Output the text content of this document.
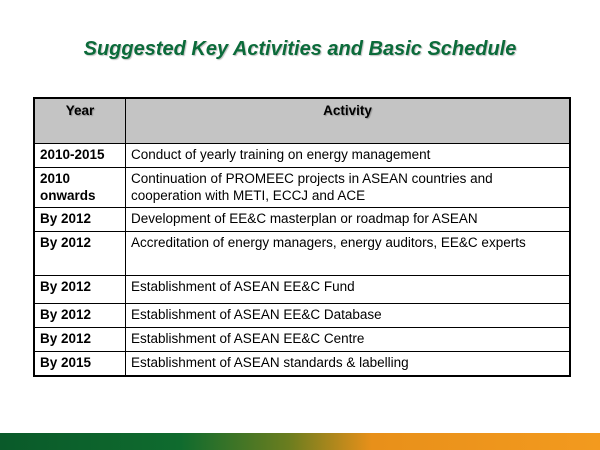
Suggested Key Activities and Basic Schedule
Year	Activity
2010-2015	Conduct of yearly training on energy management
2010 onwards	Continuation of PROMEEC projects in ASEAN countries and cooperation with METI, ECCJ and ACE
By 2012	Development of EE&C masterplan or roadmap for ASEAN
By 2012	Accreditation of energy managers, energy auditors, EE&C experts
By 2012	Establishment of ASEAN EE&C Fund
By 2012	Establishment of ASEAN EE&C Database
By 2012	Establishment of ASEAN EE&C Centre
By 2015	Establishment of ASEAN standards & labelling
